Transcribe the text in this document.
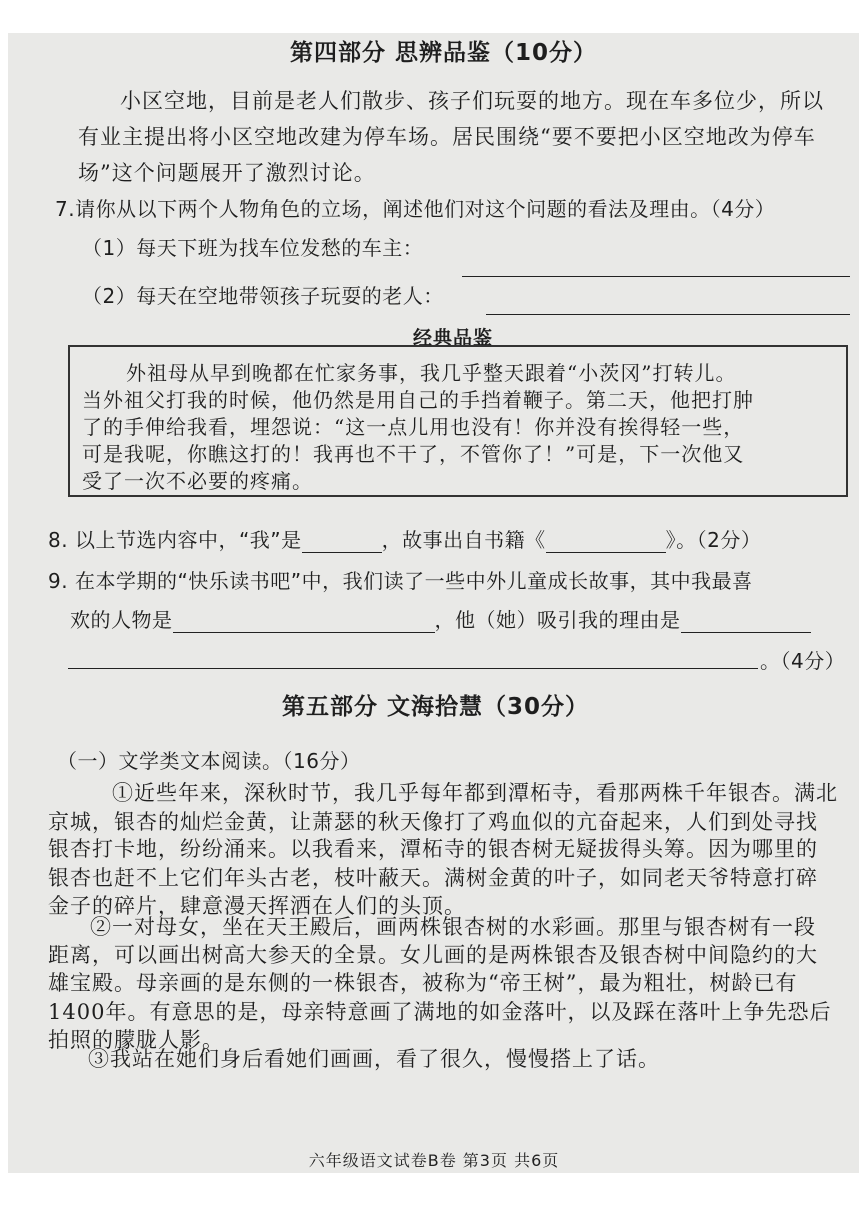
第四部分 思辨品鉴（10分）
小区空地，目前是老人们散步、孩子们玩耍的地方。现在车多位少，所以
有业主提出将小区空地改建为停车场。居民围绕“要不要把小区空地改为停车
场”这个问题展开了激烈讨论。
7.请你从以下两个人物角色的立场，阐述他们对这个问题的看法及理由。（4分）
（1）每天下班为找车位发愁的车主：
（2）每天在空地带领孩子玩耍的老人：
经典品鉴
外祖母从早到晚都在忙家务事，我几乎整天跟着“小茨冈”打转儿。
当外祖父打我的时候，他仍然是用自己的手挡着鞭子。第二天，他把打肿
了的手伸给我看，埋怨说：“这一点儿用也没有！你并没有挨得轻一些，
可是我呢，你瞧这打的！我再也不干了，不管你了！”可是，下一次他又
受了一次不必要的疼痛。
8. 以上节选内容中，“我”是	，故事出自书籍《	》。（2分）
9. 在本学期的“快乐读书吧”中，我们读了一些中外儿童成长故事，其中我最喜
欢的人物是	，他（她）吸引我的理由是
。（4分）
第五部分 文海拾慧（30分）
（一）文学类文本阅读。（16分）
①近些年来，深秋时节，我几乎每年都到潭柘寺，看那两株千年银杏。满北
京城，银杏的灿烂金黄，让萧瑟的秋天像打了鸡血似的亢奋起来，人们到处寻找
银杏打卡地，纷纷涌来。以我看来，潭柘寺的银杏树无疑拔得头筹。因为哪里的
银杏也赶不上它们年头古老，枝叶蔽天。满树金黄的叶子，如同老天爷特意打碎
金子的碎片，肆意漫天挥洒在人们的头顶。
②一对母女，坐在天王殿后，画两株银杏树的水彩画。那里与银杏树有一段
距离，可以画出树高大参天的全景。女儿画的是两株银杏及银杏树中间隐约的大
雄宝殿。母亲画的是东侧的一株银杏，被称为“帝王树”，最为粗壮，树龄已有
1400年。有意思的是，母亲特意画了满地的如金落叶，以及踩在落叶上争先恐后
拍照的朦胧人影。
③我站在她们身后看她们画画，看了很久，慢慢搭上了话。
六年级语文试卷B卷 第3页 共6页
